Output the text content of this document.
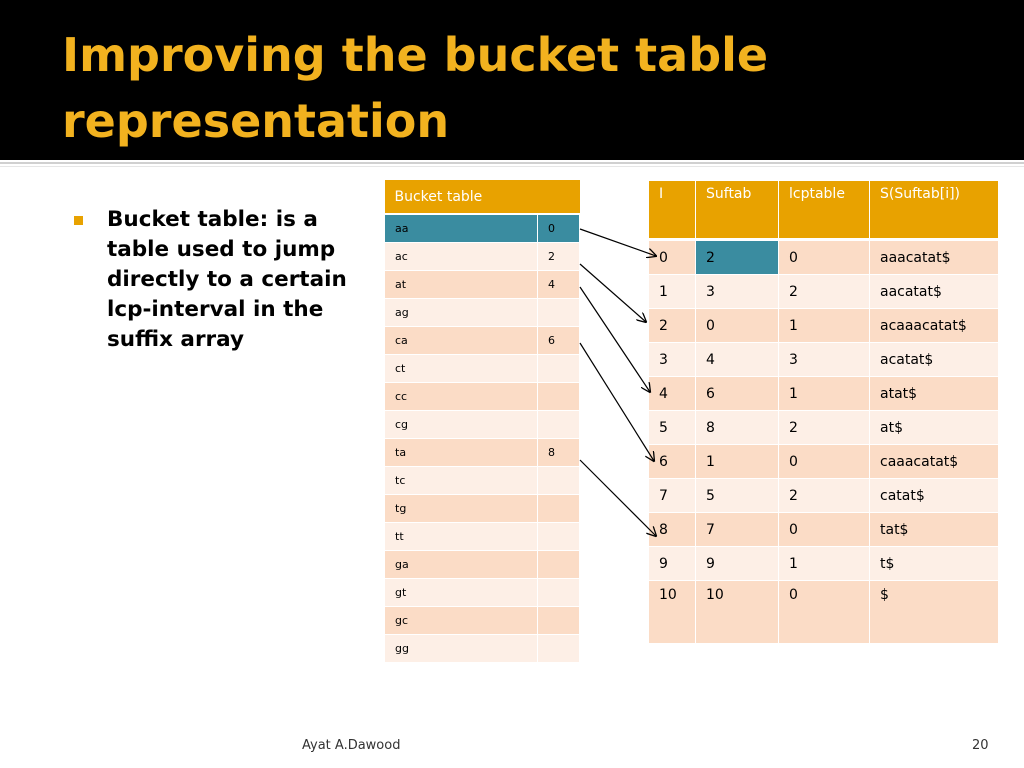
Improving the bucket table representation

Bucket table: is a table used to jump directly to a certain lcp-interval in the suffix array

Bucket table	
aa	0
ac	2
at	4
ag	
ca	6
ct	
cc	
cg	
ta	8
tc	
tg	
tt	
ga	
gt	
gc	
gg	
I	Suftab	lcptable	S(Suftab[i])
0	2	0	aaacatat$
1	3	2	aacatat$
2	0	1	acaaacatat$
3	4	3	acatat$
4	6	1	atat$
5	8	2	at$
6	1	0	caaacatat$
7	5	2	catat$
8	7	0	tat$
9	9	1	t$
10	10	0	$
Ayat A.Dawood	20
